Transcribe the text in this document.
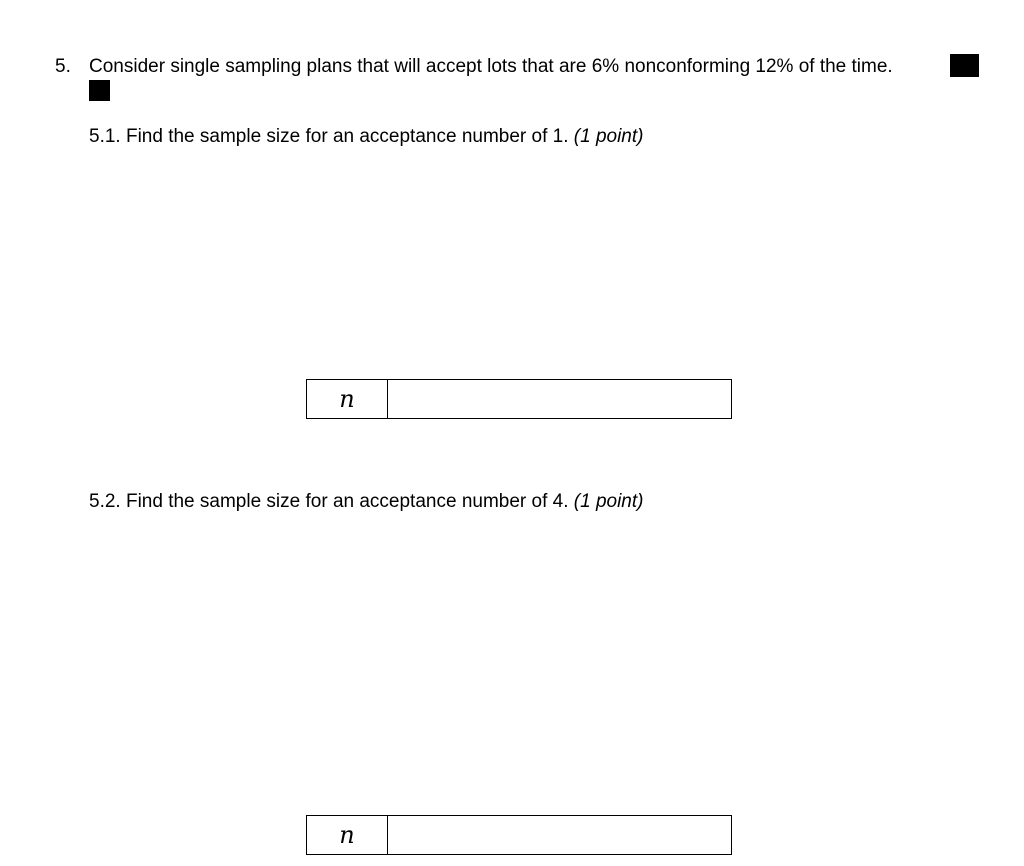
5. Consider single sampling plans that will accept lots that are 6% nonconforming 12% of the time.
5.1. Find the sample size for an acceptance number of 1. (1 point)
n
5.2. Find the sample size for an acceptance number of 4. (1 point)
n
